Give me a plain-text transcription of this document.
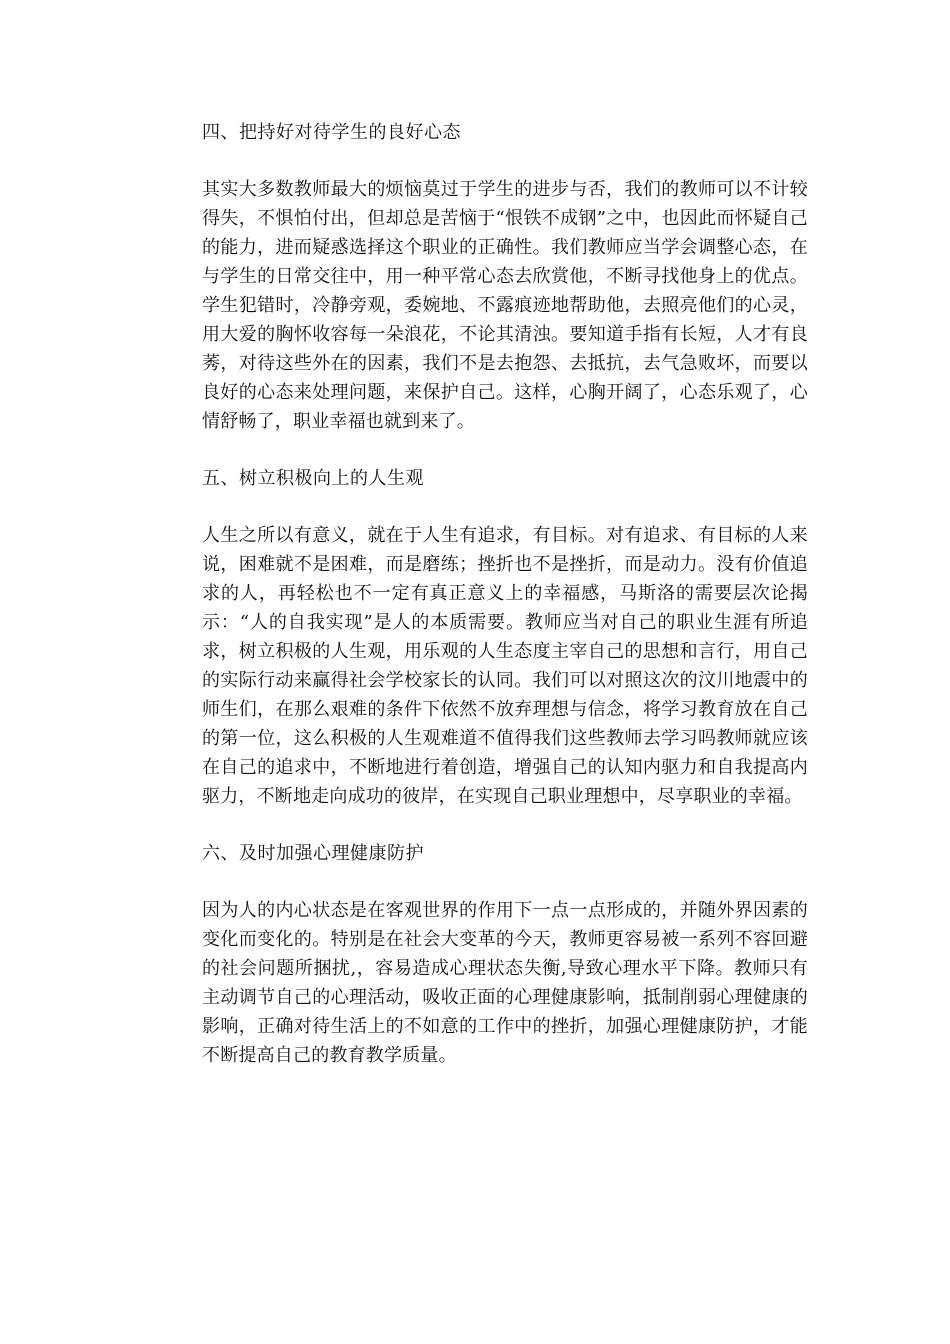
四、把持好对待学生的良好心态

其实大多数教师最大的烦恼莫过于学生的进步与否，我们的教师可以不计较得失，不惧怕付出，但却总是苦恼于“恨铁不成钢”之中，也因此而怀疑自己的能力，进而疑惑选择这个职业的正确性。我们教师应当学会调整心态，在与学生的日常交往中，用一种平常心态去欣赏他，不断寻找他身上的优点。学生犯错时，冷静旁观，委婉地、不露痕迹地帮助他，去照亮他们的心灵，用大爱的胸怀收容每一朵浪花，不论其清浊。要知道手指有长短，人才有良莠，对待这些外在的因素，我们不是去抱怨、去抵抗，去气急败坏，而要以良好的心态来处理问题，来保护自己。这样，心胸开阔了，心态乐观了，心情舒畅了，职业幸福也就到来了。

五、树立积极向上的人生观

人生之所以有意义，就在于人生有追求，有目标。对有追求、有目标的人来说，困难就不是困难，而是磨练；挫折也不是挫折，而是动力。没有价值追求的人，再轻松也不一定有真正意义上的幸福感，马斯洛的需要层次论揭示：“人的自我实现”是人的本质需要。教师应当对自己的职业生涯有所追求，树立积极的人生观，用乐观的人生态度主宰自己的思想和言行，用自己的实际行动来赢得社会学校家长的认同。我们可以对照这次的汶川地震中的师生们，在那么艰难的条件下依然不放弃理想与信念，将学习教育放在自己的第一位，这么积极的人生观难道不值得我们这些教师去学习吗教师就应该在自己的追求中，不断地进行着创造，增强自己的认知内驱力和自我提高内驱力，不断地走向成功的彼岸，在实现自己职业理想中，尽享职业的幸福。

六、及时加强心理健康防护

因为人的内心状态是在客观世界的作用下一点一点形成的，并随外界因素的变化而变化的。特别是在社会大变革的今天，教师更容易被一系列不容回避的社会问题所捆扰,，容易造成心理状态失衡,导致心理水平下降。教师只有主动调节自己的心理活动，吸收正面的心理健康影响，抵制削弱心理健康的影响，正确对待生活上的不如意的工作中的挫折，加强心理健康防护，才能不断提高自己的教育教学质量。
